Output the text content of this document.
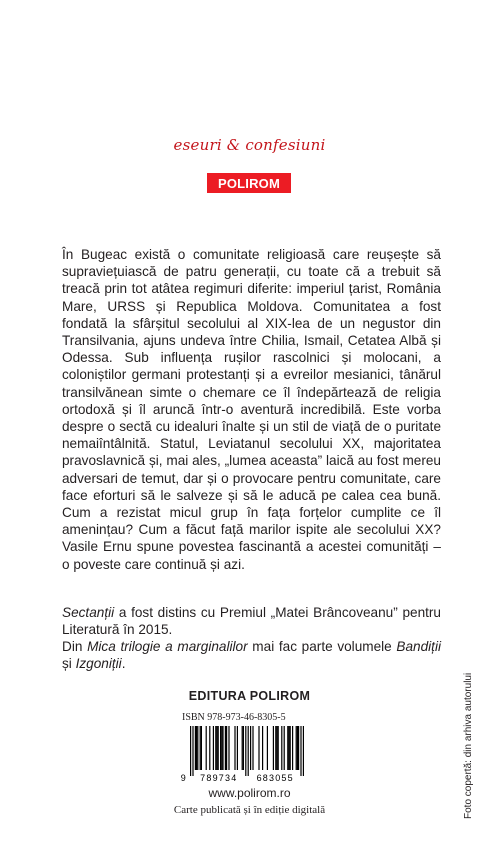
eseuri & confesiuni
POLIROM

În Bugeac există o comunitate religioasă care reușește să supraviețuiască de patru generații, cu toate că a trebuit să treacă prin tot atâtea regimuri diferite: imperiul țarist, România Mare, URSS și Republica Moldova. Comunitatea a fost fondată la sfârșitul secolului al XIX-lea de un negustor din Transilvania, ajuns undeva între Chilia, Ismail, Cetatea Albă și Odessa. Sub influența rușilor rascolnici și molocani, a coloniștilor germani protestanți și a evreilor mesianici, tânărul transilvănean simte o chemare ce îl îndepărtează de religia ortodoxă și îl aruncă într-o aventură incredibilă. Este vorba despre o sectă cu idealuri înalte și un stil de viață de o puritate nemaiîntâlnită. Statul, Leviatanul secolului XX, majoritatea pravoslavnică și, mai ales, „lumea aceasta” laică au fost mereu adversari de temut, dar și o provocare pentru comunitate, care face eforturi să le salveze și să le aducă pe calea cea bună. Cum a rezistat micul grup în fața forțelor cumplite ce îl amenințau? Cum a făcut față marilor ispite ale secolului XX? Vasile Ernu spune povestea fascinantă a acestei comunități – o poveste care continuă și azi.

Sectanții a fost distins cu Premiul „Matei Brâncoveanu” pentru Literatură în 2015.

Din Mica trilogie a marginalilor mai fac parte volumele Bandiții și Izgoniții.

EDITURA POLIROM
ISBN 978-973-46-8305-5
9 789734 683055
www.polirom.ro
Carte publicată și în ediție digitală	Foto copertă: din arhiva autorului
